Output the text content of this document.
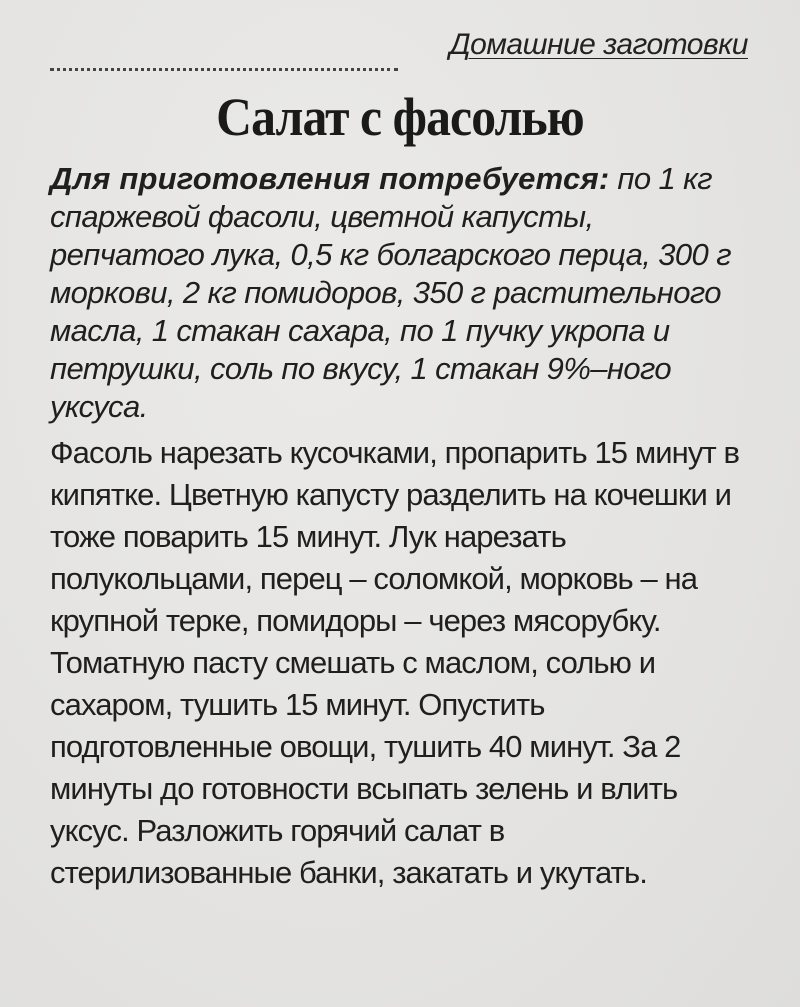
Домашние заготовки
Салат с фасолью

Для приготовления потребуется: по 1 кг спаржевой фасоли, цветной капусты, репчатого лука, 0,5 кг болгарского перца, 300 г моркови, 2 кг помидоров, 350 г растительного масла, 1 стакан сахара, по 1 пучку укропа и петрушки, соль по вкусу, 1 стакан 9%–ного уксуса.

Фасоль нарезать кусочками, пропарить 15 минут в кипятке. Цветную капусту разделить на кочешки и тоже поварить 15 минут. Лук нарезать полукольцами, перец – соломкой, морковь – на крупной терке, помидоры – через мясорубку. Томатную пасту смешать с маслом, солью и сахаром, тушить 15 минут. Опустить подготовленные овощи, тушить 40 минут. За 2 минуты до готовности всыпать зелень и влить уксус. Разложить горячий салат в стерилизованные банки, закатать и укутать.
